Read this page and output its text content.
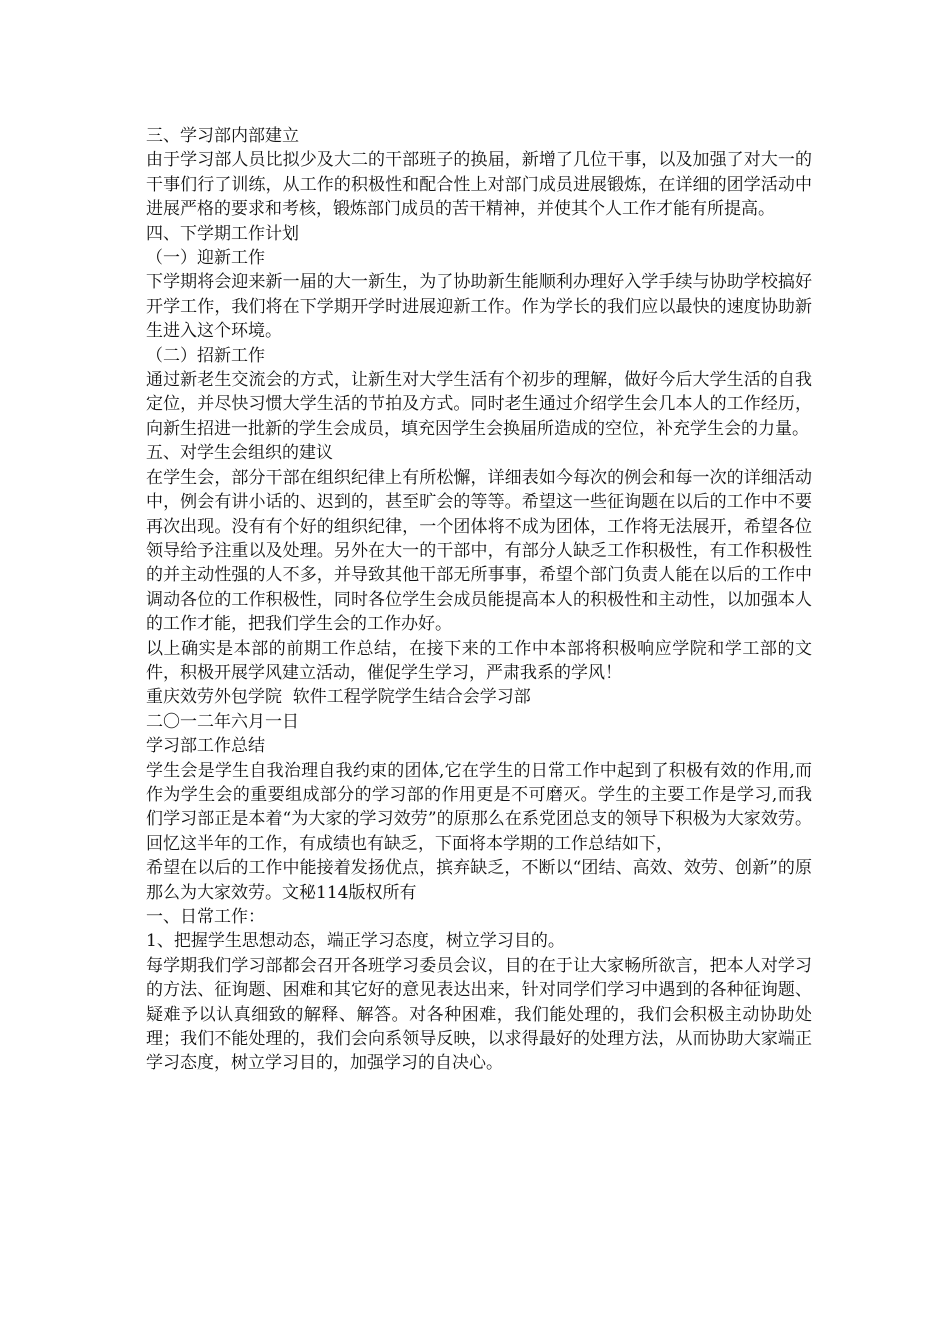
三、学习部内部建立

由于学习部人员比拟少及大二的干部班子的换届，新增了几位干事，以及加强了对大一的干事们行了训练，从工作的积极性和配合性上对部门成员进展锻炼，在详细的团学活动中进展严格的要求和考核，锻炼部门成员的苦干精神，并使其个人工作才能有所提高。

四、下学期工作计划

（一）迎新工作

下学期将会迎来新一届的大一新生，为了协助新生能顺利办理好入学手续与协助学校搞好开学工作，我们将在下学期开学时进展迎新工作。作为学长的我们应以最快的速度协助新生进入这个环境。

（二）招新工作

通过新老生交流会的方式，让新生对大学生活有个初步的理解，做好今后大学生活的自我定位，并尽快习惯大学生活的节拍及方式。同时老生通过介绍学生会几本人的工作经历，向新生招进一批新的学生会成员，填充因学生会换届所造成的空位，补充学生会的力量。

五、对学生会组织的建议

在学生会，部分干部在组织纪律上有所松懈，详细表如今每次的例会和每一次的详细活动中，例会有讲小话的、迟到的，甚至旷会的等等。希望这一些征询题在以后的工作中不要再次出现。没有有个好的组织纪律，一个团体将不成为团体，工作将无法展开，希望各位领导给予注重以及处理。另外在大一的干部中，有部分人缺乏工作积极性，有工作积极性的并主动性强的人不多，并导致其他干部无所事事，希望个部门负责人能在以后的工作中调动各位的工作积极性，同时各位学生会成员能提高本人的积极性和主动性，以加强本人的工作才能，把我们学生会的工作办好。

以上确实是本部的前期工作总结，在接下来的工作中本部将积极响应学院和学工部的文件，积极开展学风建立活动，催促学生学习，严肃我系的学风！

重庆效劳外包学院  软件工程学院学生结合会学习部

二〇一二年六月一日

学习部工作总结

学生会是学生自我治理自我约束的团体,它在学生的日常工作中起到了积极有效的作用,而作为学生会的重要组成部分的学习部的作用更是不可磨灭。学生的主要工作是学习,而我们学习部正是本着“为大家的学习效劳”的原那么在系党团总支的领导下积极为大家效劳。回忆这半年的工作，有成绩也有缺乏，下面将本学期的工作总结如下，

希望在以后的工作中能接着发扬优点，摈弃缺乏，不断以“团结、高效、效劳、创新”的原那么为大家效劳。文秘114版权所有

一、日常工作：

1、把握学生思想动态，端正学习态度，树立学习目的。

每学期我们学习部都会召开各班学习委员会议，目的在于让大家畅所欲言，把本人对学习的方法、征询题、困难和其它好的意见表达出来，针对同学们学习中遇到的各种征询题、疑难予以认真细致的解释、解答。对各种困难，我们能处理的，我们会积极主动协助处理；我们不能处理的，我们会向系领导反映，以求得最好的处理方法，从而协助大家端正学习态度，树立学习目的，加强学习的自决心。
